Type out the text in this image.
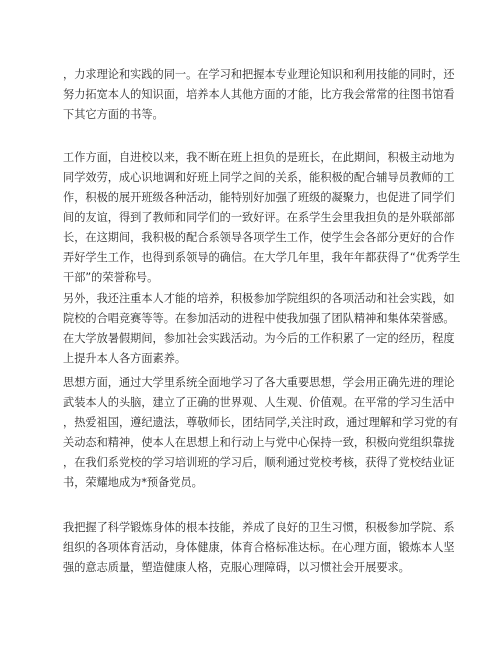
，力求理论和实践的同一。在学习和把握本专业理论知识和利用技能的同时，还
努力拓宽本人的知识面，培养本人其他方面的才能，比方我会常常的往图书馆看
下其它方面的书等。
工作方面，自进校以来，我不断在班上担负的是班长，在此期间，积极主动地为
同学效劳，成心识地调和好班上同学之间的关系，能积极的配合辅导员教师的工
作，积极的展开班级各种活动，能特别好加强了班级的凝聚力，也促进了同学们
间的友谊，得到了教师和同学们的一致好评。在系学生会里我担负的是外联部部
长，在这期间，我积极的配合系领导各项学生工作，使学生会各部分更好的合作
弄好学生工作，也得到系领导的确信。在大学几年里，我年年都获得了“优秀学生
干部”的荣誉称号。
另外，我还注重本人才能的培养，积极参加学院组织的各项活动和社会实践，如
院校的合唱竞赛等等。在参加活动的进程中使我加强了团队精神和集体荣誉感。
在大学放暑假期间，参加社会实践活动。为今后的工作积累了一定的经历，程度
上提升本人各方面素养。
思想方面，通过大学里系统全面地学习了各大重要思想，学会用正确先进的理论
武装本人的头脑，建立了正确的世界观、人生观、价值观。在平常的学习生活中
，热爱祖国，遵纪遗法，尊敬师长，团结同学,关注时政，通过理解和学习党的有
关动态和精神，使本人在思想上和行动上与党中心保持一致，积极向党组织靠拢
，在我们系党校的学习培训班的学习后，顺利通过党校考核，获得了党校结业证
书，荣耀地成为*预备党员。
我把握了科学锻炼身体的根本技能，养成了良好的卫生习惯，积极参加学院、系
组织的各项体育活动，身体健康，体育合格标准达标。在心理方面，锻炼本人坚
强的意志质量，塑造健康人格，克服心理障碍，以习惯社会开展要求。
